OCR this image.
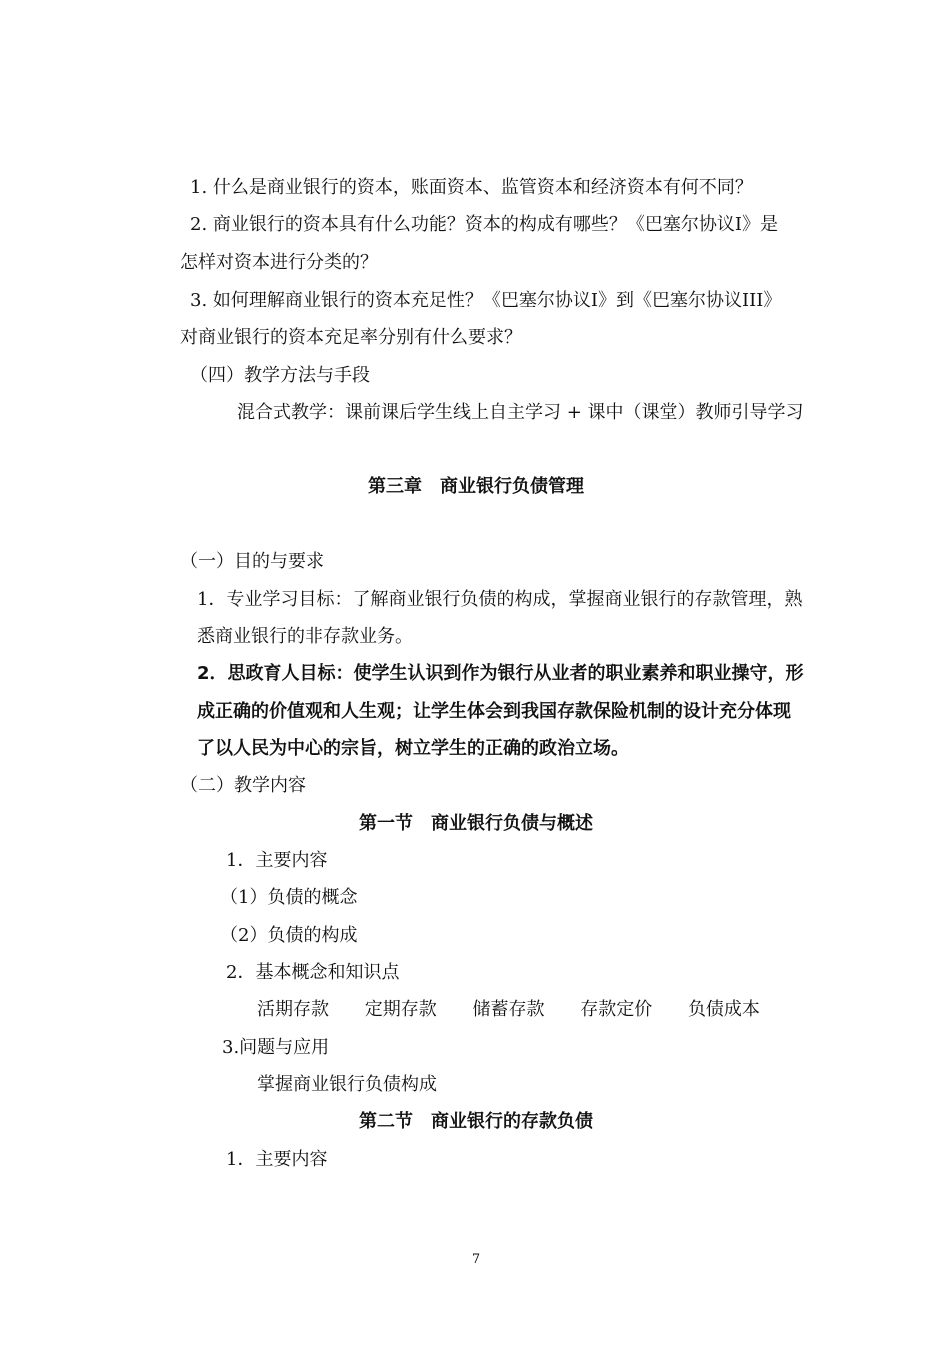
1. 什么是商业银行的资本，账面资本、监管资本和经济资本有何不同？
2. 商业银行的资本具有什么功能？资本的构成有哪些？《巴塞尔协议Ⅰ》是
怎样对资本进行分类的？
3. 如何理解商业银行的资本充足性？《巴塞尔协议Ⅰ》到《巴塞尔协议III》
对商业银行的资本充足率分别有什么要求？
（四）教学方法与手段
混合式教学：课前课后学生线上自主学习 + 课中（课堂）教师引导学习
第三章　商业银行负债管理
（一）目的与要求
1．专业学习目标：了解商业银行负债的构成，掌握商业银行的存款管理，熟
悉商业银行的非存款业务。
2．思政育人目标：使学生认识到作为银行从业者的职业素养和职业操守，形
成正确的价值观和人生观；让学生体会到我国存款保险机制的设计充分体现
了以人民为中心的宗旨，树立学生的正确的政治立场。
（二）教学内容
第一节　商业银行负债与概述
1．主要内容
（1）负债的概念
（2）负债的构成
2．基本概念和知识点
活期存款 定期存款 储蓄存款 存款定价 负债成本
3.问题与应用
掌握商业银行负债构成
第二节　商业银行的存款负债
1．主要内容
7
